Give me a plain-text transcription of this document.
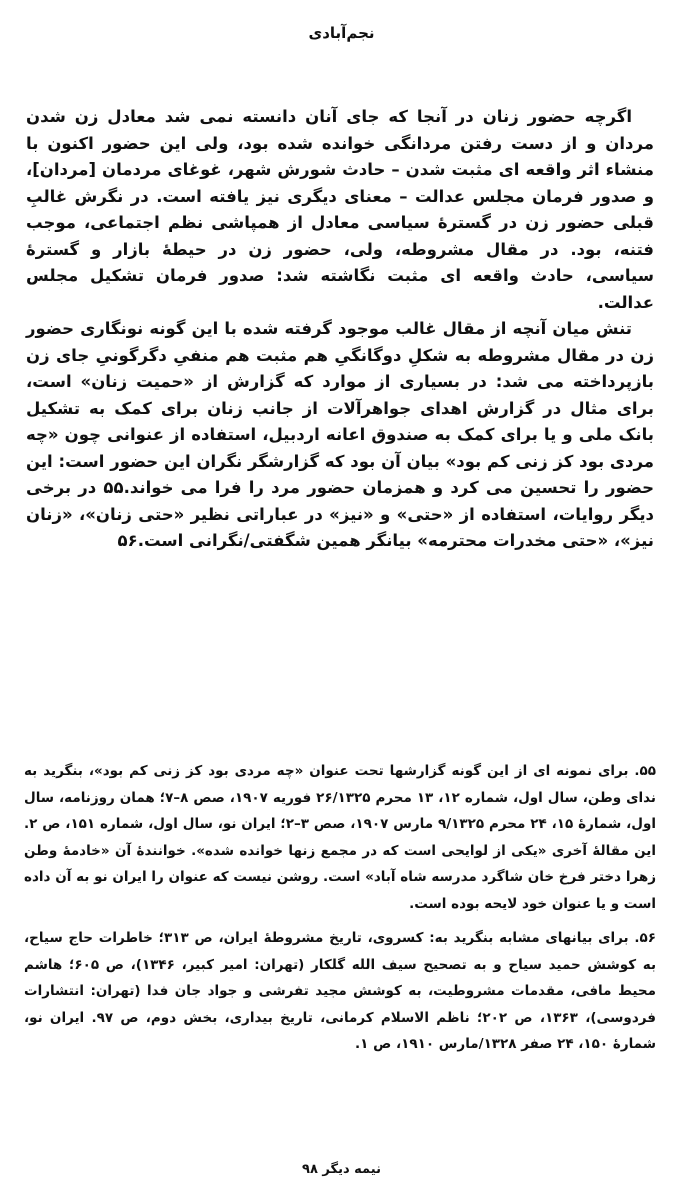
نجم‌آبادی

اگرچه حضور زنان در آنجا که جای آنان دانسته نمی شد معادل زن شدن مردان و از دست رفتن مردانگی خوانده شده بود، ولی این حضور اکنون با منشاء اثر واقعه ای مثبت شدن – حادث شورش شهر، غوغای مردمان [مردان]، و صدور فرمان مجلس عدالت – معنای دیگری نیز یافته است. در نگرش غالبِ قبلی حضور زن در گسترهٔ سیاسی معادل از همپاشی نظم اجتماعی، موجب فتنه، بود. در مقال مشروطه، ولی، حضور زن در حیطهٔ بازار و گسترهٔ سیاسی، حادث واقعه ای مثبت نگاشته شد: صدور فرمان تشکیل مجلس عدالت.

تنش میان آنچه از مقال غالب موجود گرفته شده با این گونه نونگاری حضور زن در مقال مشروطه به شکلِ دوگانگیِ هم مثبت هم منفیِ دگرگونیِ جای زن بازپرداخته می شد: در بسیاری از موارد که گزارش از «حمیت زنان» است، برای مثال در گزارش اهدای جواهرآلات از جانب زنان برای کمک به تشکیل بانک ملی و یا برای کمک به صندوق اعانه اردبیل، استفاده از عنوانی چون «چه مردی بود کز زنی کم بود» بیان آن بود که گزارشگر نگران این حضور است: این حضور را تحسین می کرد و همزمان حضور مرد را فرا می خواند.۵۵ در برخی دیگر روایات، استفاده از «حتی» و «نیز» در عباراتی نظیر «حتی زنان»، «زنان نیز»، «حتی مخدرات محترمه» بیانگر همین شگفتی/نگرانی است.۵۶

۵۵. برای نمونه ای از این گونه گزارشها تحت عنوان «چه مردی بود کز زنی کم بود»، بنگرید به ندای وطن، سال اول، شماره ۱۲، ۱۳ محرم ۲۶/۱۳۲۵ فوریه ۱۹۰۷، صص ۸–۷؛ همان روزنامه، سال اول، شمارهٔ ۱۵، ۲۴ محرم ۹/۱۳۲۵ مارس ۱۹۰۷، صص ۳–۲؛ ایران نو، سال اول، شماره ۱۵۱، ص ۲. این مقالهٔ آخری «یکی از لوایحی است که در مجمع زنها خوانده شده». خوانندهٔ آن «خادمهٔ وطن زهرا دختر فرخ خان شاگرد مدرسه شاه آباد» است. روشن نیست که عنوان را ایران نو به آن داده است و یا عنوان خود لایحه بوده است.

۵۶. برای بیانهای مشابه بنگرید به: کسروی، تاریخ مشروطهٔ ایران، ص ۳۱۳؛ خاطرات حاج سیاح، به کوشش حمید سیاح و به تصحیح سیف الله گلکار (تهران: امیر کبیر، ۱۳۴۶)، ص ۶۰۵؛ هاشم محیط مافی، مقدمات مشروطیت، به کوشش مجید تفرشی و جواد جان فدا (تهران: انتشارات فردوسی)، ۱۳۶۳، ص ۲۰۲؛ ناظم الاسلام کرمانی، تاریخ بیداری، بخش دوم، ص ۹۷. ایران نو، شمارهٔ ۱۵۰، ۲۴ صفر ۱۳۲۸/مارس ۱۹۱۰، ص ۱.

نیمه دیگر ۹۸
